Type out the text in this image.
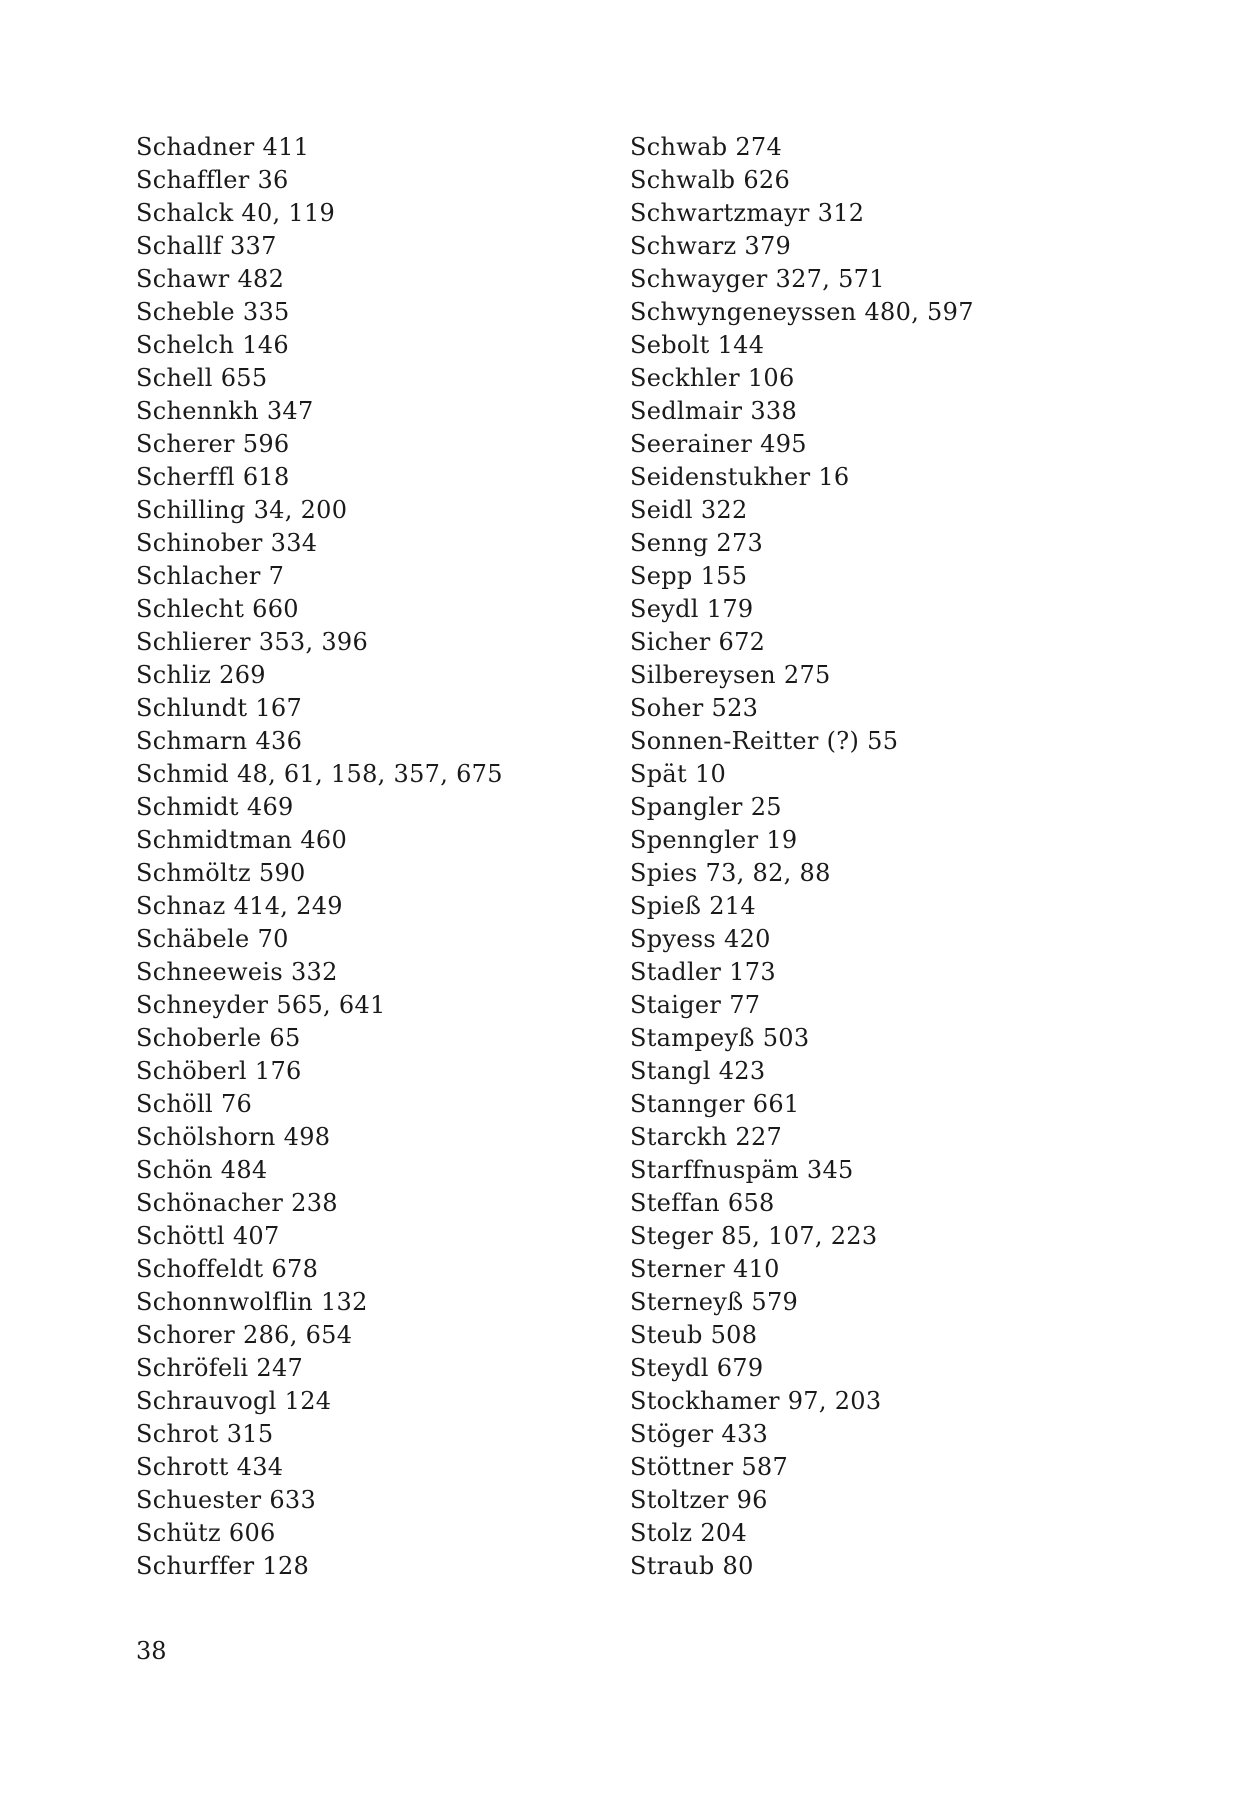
Schadner 411
Schaffler 36
Schalck 40, 119
Schallf 337
Schawr 482
Scheble 335
Schelch 146
Schell 655
Schennkh 347
Scherer 596
Scherffl 618
Schilling 34, 200
Schinober 334
Schlacher 7
Schlecht 660
Schlierer 353, 396
Schliz 269
Schlundt 167
Schmarn 436
Schmid 48, 61, 158, 357, 675
Schmidt 469
Schmidtman 460
Schmöltz 590
Schnaz 414, 249
Schäbele 70
Schneeweis 332
Schneyder 565, 641
Schoberle 65
Schöberl 176
Schöll 76
Schölshorn 498
Schön 484
Schönacher 238
Schöttl 407
Schoffeldt 678
Schonnwolflin 132
Schorer 286, 654
Schröfeli 247
Schrauvogl 124
Schrot 315
Schrott 434
Schuester 633
Schütz 606
Schurffer 128
Schwab 274
Schwalb 626
Schwartzmayr 312
Schwarz 379
Schwayger 327, 571
Schwyngeneyssen 480, 597
Sebolt 144
Seckhler 106
Sedlmair 338
Seerainer 495
Seidenstukher 16
Seidl 322
Senng 273
Sepp 155
Seydl 179
Sicher 672
Silbereysen 275
Soher 523
Sonnen-Reitter (?) 55
Spät 10
Spangler 25
Spenngler 19
Spies 73, 82, 88
Spieß 214
Spyess 420
Stadler 173
Staiger 77
Stampeyß 503
Stangl 423
Stannger 661
Starckh 227
Starffnuspäm 345
Steffan 658
Steger 85, 107, 223
Sterner 410
Sterneyß 579
Steub 508
Steydl 679
Stockhamer 97, 203
Stöger 433
Stöttner 587
Stoltzer 96
Stolz 204
Straub 80
38
